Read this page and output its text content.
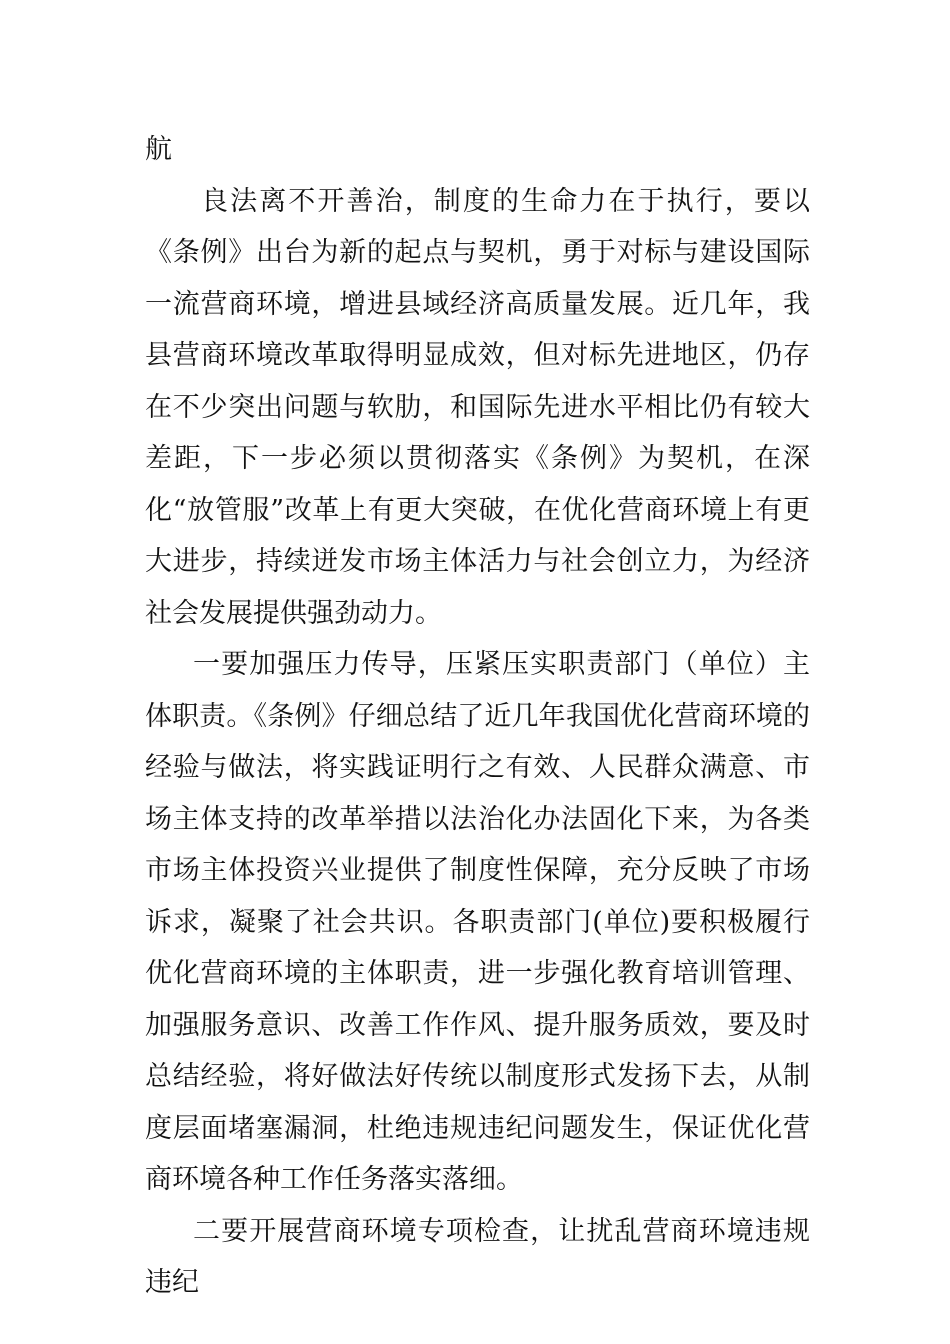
航

良法离不开善治，制度的生命力在于执行，要以《条例》出台为新的起点与契机，勇于对标与建设国际一流营商环境，增进县域经济高质量发展。近几年，我县营商环境改革取得明显成效，但对标先进地区，仍存在不少突出问题与软肋，和国际先进水平相比仍有较大差距，下一步必须以贯彻落实《条例》为契机，在深化“放管服”改革上有更大突破，在优化营商环境上有更大进步，持续迸发市场主体活力与社会创立力，为经济社会发展提供强劲动力。

一要加强压力传导，压紧压实职责部门（单位）主体职责。《条例》仔细总结了近几年我国优化营商环境的经验与做法，将实践证明行之有效、人民群众满意、市场主体支持的改革举措以法治化办法固化下来，为各类市场主体投资兴业提供了制度性保障，充分反映了市场诉求，凝聚了社会共识。各职责部门(单位)要积极履行优化营商环境的主体职责，进一步强化教育培训管理、加强服务意识、改善工作作风、提升服务质效，要及时总结经验，将好做法好传统以制度形式发扬下去，从制度层面堵塞漏洞，杜绝违规违纪问题发生，保证优化营商环境各种工作任务落实落细。

二要开展营商环境专项检查，让扰乱营商环境违规违纪
